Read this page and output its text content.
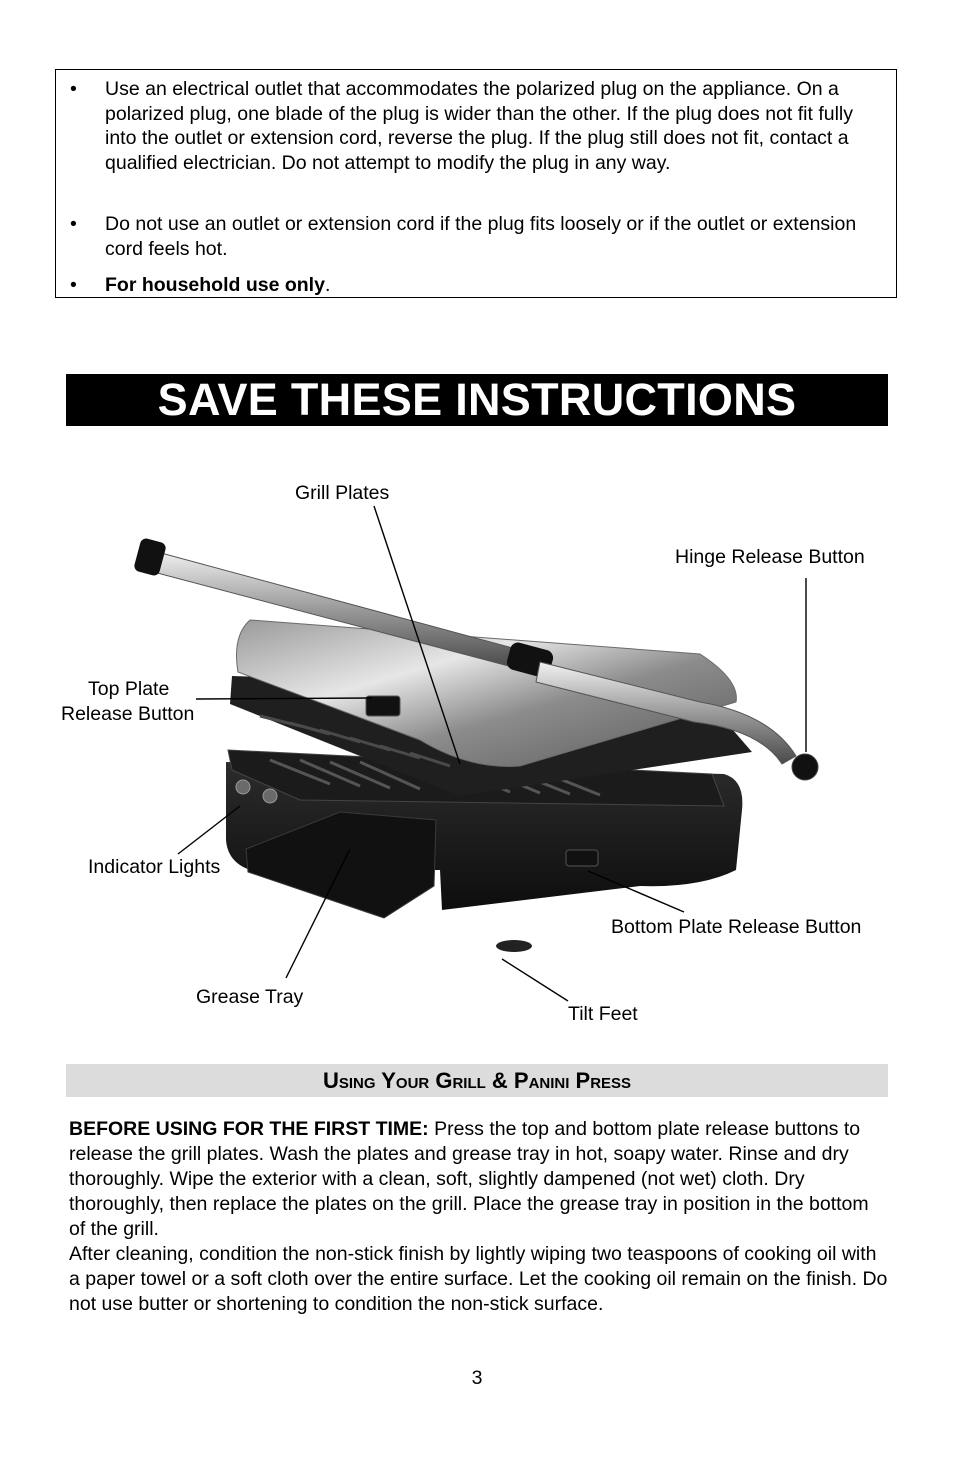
• Use an electrical outlet that accommodates the polarized plug on the appliance. On a polarized plug, one blade of the plug is wider than the other. If the plug does not fit fully into the outlet or extension cord, reverse the plug. If the plug still does not fit, contact a qualified electrician. Do not attempt to modify the plug in any way.
• Do not use an outlet or extension cord if the plug fits loosely or if the outlet or extension cord feels hot.
• For household use only.
SAVE THESE INSTRUCTIONS
Grill Plates
Hinge Release Button
Top Plate
Release Button
Indicator Lights
Bottom Plate Release Button
Grease Tray
Tilt Feet
Using Your Grill & Panini Press
BEFORE USING FOR THE FIRST TIME: Press the top and bottom plate release buttons to release the grill plates. Wash the plates and grease tray in hot, soapy water. Rinse and dry thoroughly. Wipe the exterior with a clean, soft, slightly dampened (not wet) cloth. Dry thoroughly, then replace the plates on the grill. Place the grease tray in position in the bottom of the grill.
After cleaning, condition the non-stick finish by lightly wiping two teaspoons of cooking oil with a paper towel or a soft cloth over the entire surface. Let the cooking oil remain on the finish. Do not use butter or shortening to condition the non-stick surface.
3
